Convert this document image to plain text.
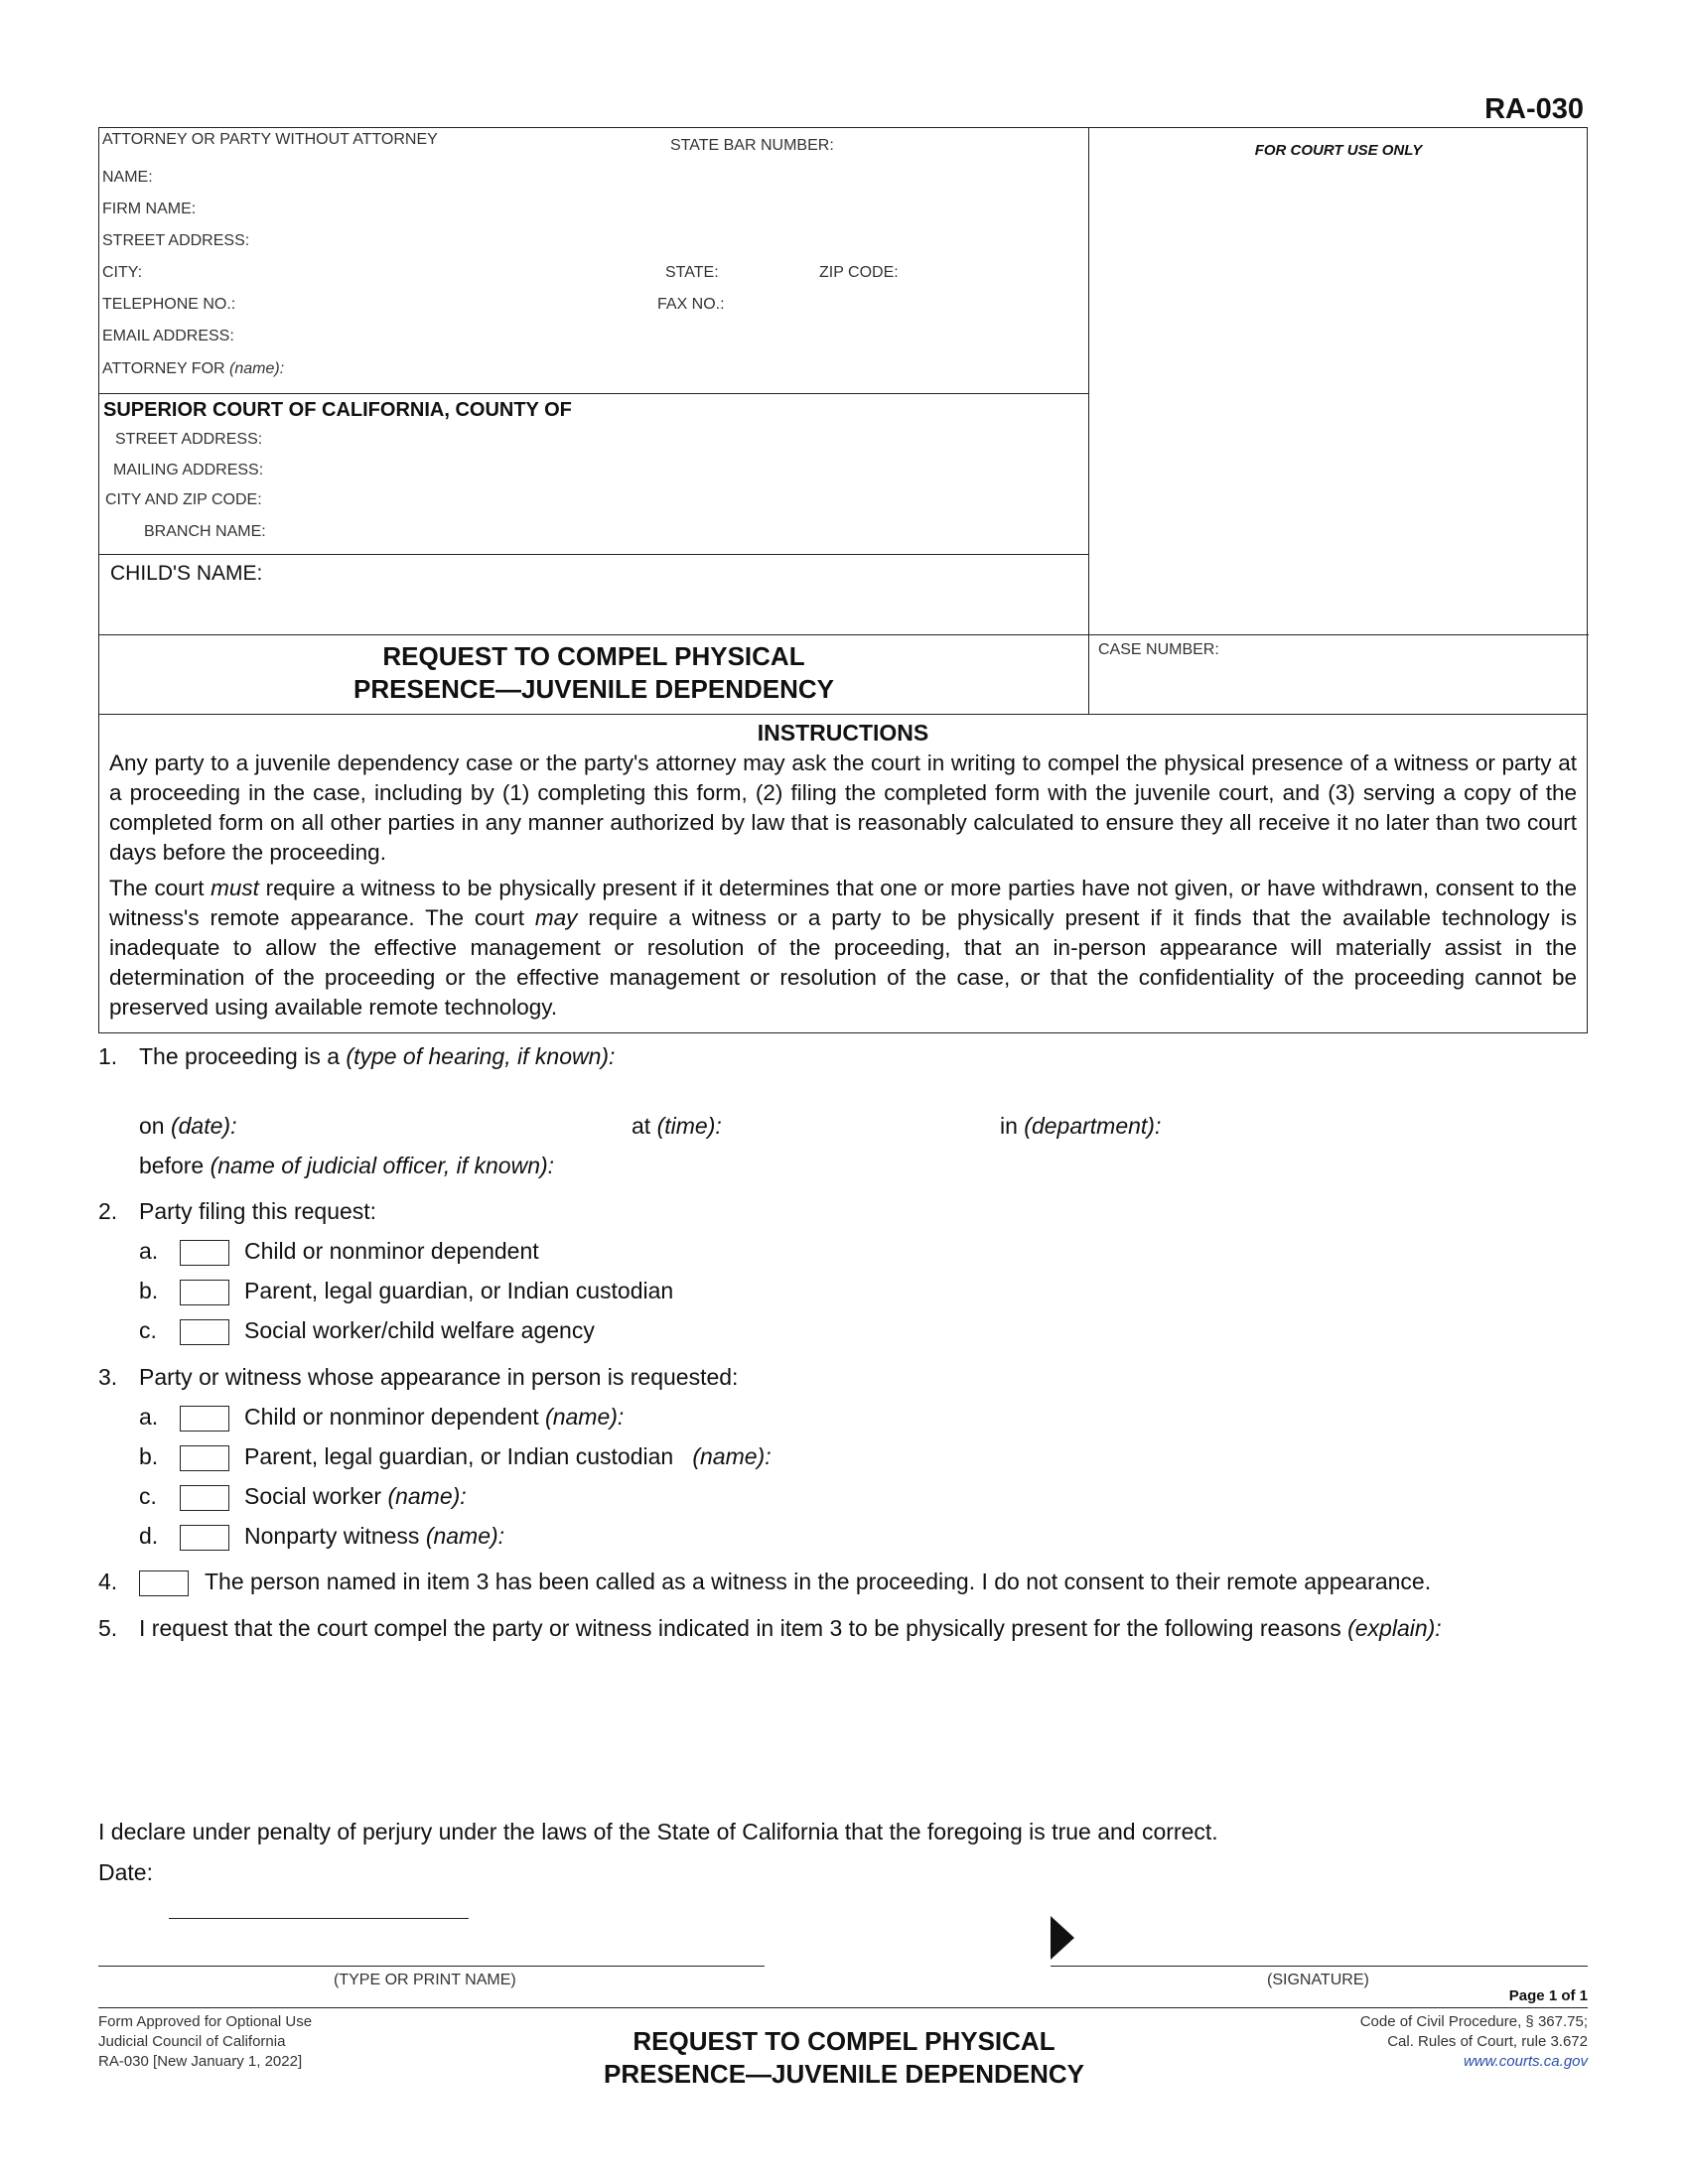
RA-030
ATTORNEY OR PARTY WITHOUT ATTORNEY	STATE BAR NUMBER:	FOR COURT USE ONLY
NAME:
FIRM NAME:
STREET ADDRESS:
CITY:	STATE:	ZIP CODE:
TELEPHONE NO.:	FAX NO.:
EMAIL ADDRESS:
ATTORNEY FOR (name):
SUPERIOR COURT OF CALIFORNIA, COUNTY OF
STREET ADDRESS:
MAILING ADDRESS:
CITY AND ZIP CODE:
BRANCH NAME:
CHILD'S NAME:
REQUEST TO COMPEL PHYSICAL
PRESENCE—JUVENILE DEPENDENCY
CASE NUMBER:
INSTRUCTIONS

Any party to a juvenile dependency case or the party's attorney may ask the court in writing to compel the physical presence of a witness or party at a proceeding in the case, including by (1) completing this form, (2) filing the completed form with the juvenile court, and (3) serving a copy of the completed form on all other parties in any manner authorized by law that is reasonably calculated to ensure they all receive it no later than two court days before the proceeding.

The court must require a witness to be physically present if it determines that one or more parties have not given, or have withdrawn, consent to the witness's remote appearance. The court may require a witness or a party to be physically present if it finds that the available technology is inadequate to allow the effective management or resolution of the proceeding, that an in-person appearance will materially assist in the determination of the proceeding or the effective management or resolution of the case, or that the confidentiality of the proceeding cannot be preserved using available remote technology.

1. The proceeding is a (type of hearing, if known):
on (date):	at (time):	in (department):
before (name of judicial officer, if known):
2. Party filing this request:
a.	Child or nonminor dependent
b.	Parent, legal guardian, or Indian custodian
c.	Social worker/child welfare agency
3. Party or witness whose appearance in person is requested:
a.	Child or nonminor dependent (name):
b.	Parent, legal guardian, or Indian custodian   (name):
c.	Social worker (name):
d.	Nonparty witness (name):
4.	The person named in item 3 has been called as a witness in the proceeding. I do not consent to their remote appearance.
5. I request that the court compel the party or witness indicated in item 3 to be physically present for the following reasons (explain):
I declare under penalty of perjury under the laws of the State of California that the foregoing is true and correct.
Date:
(TYPE OR PRINT NAME)	(SIGNATURE)
Page 1 of 1
Form Approved for Optional Use
Judicial Council of California
RA-030 [New January 1, 2022]
REQUEST TO COMPEL PHYSICAL
PRESENCE—JUVENILE DEPENDENCY
Code of Civil Procedure, § 367.75;
Cal. Rules of Court, rule 3.672
www.courts.ca.gov
